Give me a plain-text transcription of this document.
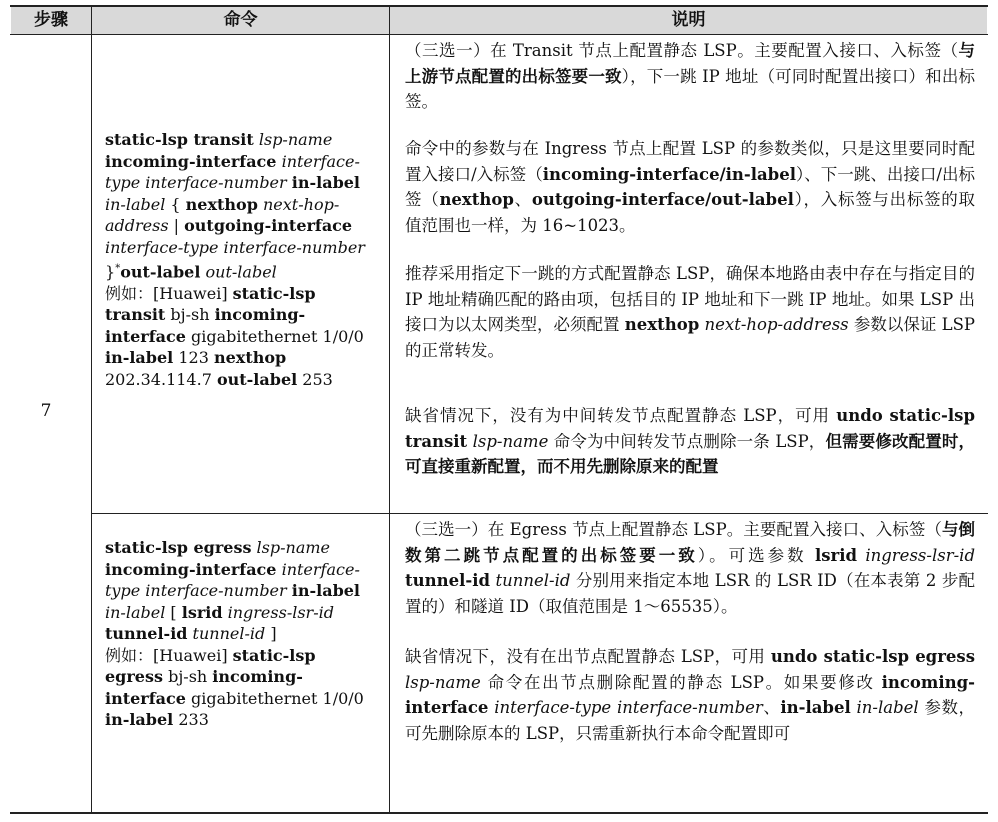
步骤	命令	说明
7
static-lsp transit lsp-name incoming-interface interface-type interface-number in-label in-label { nexthop next-hop-address | outgoing-interface interface-type interface-number }*out-label out-label
例如：[Huawei] static-lsp transit bj-sh incoming-interface gigabitethernet 1/0/0 in-label 123 nexthop 202.34.114.7 out-label 253
static-lsp egress lsp-name incoming-interface interface-type interface-number in-label in-label [ lsrid ingress-lsr-id tunnel-id tunnel-id ]
例如：[Huawei] static-lsp egress bj-sh incoming-interface gigabitethernet 1/0/0 in-label 233
（三选一）在 Transit 节点上配置静态 LSP。主要配置入接口、入标签（与上游节点配置的出标签要一致），下一跳 IP 地址（可同时配置出接口）和出标签。
命令中的参数与在 Ingress 节点上配置 LSP 的参数类似，只是这里要同时配置入接口/入标签（incoming-interface/in-label）、下一跳、出接口/出标签（nexthop、outgoing-interface/out-label），入标签与出标签的取值范围也一样，为 16~1023。
推荐采用指定下一跳的方式配置静态 LSP，确保本地路由表中存在与指定目的 IP 地址精确匹配的路由项，包括目的 IP 地址和下一跳 IP 地址。如果 LSP 出接口为以太网类型，必须配置 nexthop next-hop-address 参数以保证 LSP 的正常转发。
缺省情况下，没有为中间转发节点配置静态 LSP，可用 undo static-lsp transit lsp-name 命令为中间转发节点删除一条 LSP，但需要修改配置时，可直接重新配置，而不用先删除原来的配置
（三选一）在 Egress 节点上配置静态 LSP。主要配置入接口、入标签（与倒数第二跳节点配置的出标签要一致）。可选参数 lsrid ingress-lsr-id tunnel-id tunnel-id 分别用来指定本地 LSR 的 LSR ID（在本表第 2 步配置的）和隧道 ID（取值范围是 1～65535）。
缺省情况下，没有在出节点配置静态 LSP，可用 undo static-lsp egress lsp-name 命令在出节点删除配置的静态 LSP。如果要修改 incoming-interface interface-type interface-number、in-label in-label 参数，可先删除原本的 LSP，只需重新执行本命令配置即可
